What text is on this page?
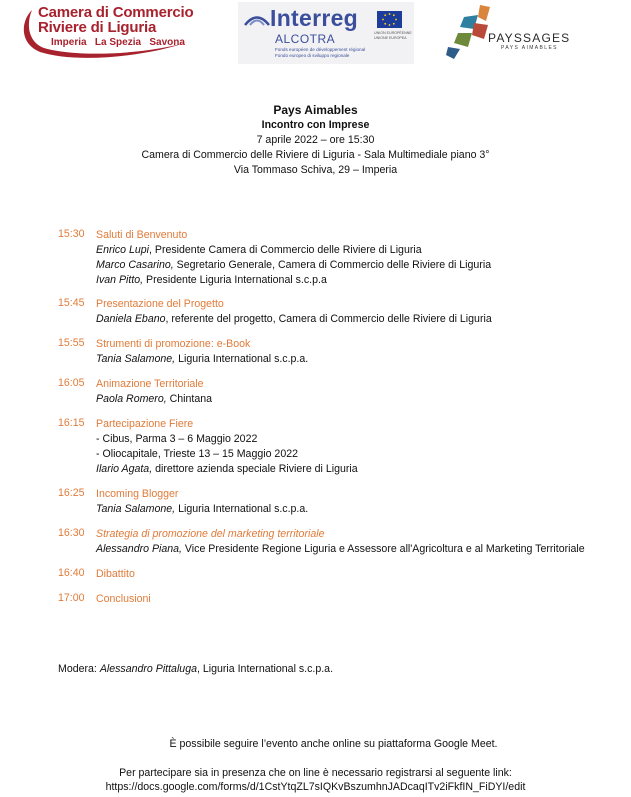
Camera di Commercio
Riviere di Liguria
Imperia   La Spezia   Savona
Interreg
ALCOTRA
Fonds européen de développement régional
Fondo europeo di sviluppo regionale
UNION EUROPÉENNE
UNIONE EUROPEA	PAYSSAGES
PAYS AIMABLES
Pays Aimables
Incontro con Imprese
7 aprile 2022 – ore 15:30
Camera di Commercio delle Riviere di Liguria - Sala Multimediale piano 3°
Via Tommaso Schiva, 29 – Imperia
15:30 Saluti di Benvenuto
Enrico Lupi, Presidente Camera di Commercio delle Riviere di Liguria
Marco Casarino, Segretario Generale, Camera di Commercio delle Riviere di Liguria
Ivan Pitto, Presidente Liguria International s.c.p.a
15:45 Presentazione del Progetto
Daniela Ebano, referente del progetto, Camera di Commercio delle Riviere di Liguria
15:55 Strumenti di promozione: e-Book
Tania Salamone, Liguria International s.c.p.a.
16:05 Animazione Territoriale
Paola Romero, Chintana
16:15 Partecipazione Fiere
- Cibus, Parma 3 – 6 Maggio 2022
- Oliocapitale, Trieste 13 – 15 Maggio 2022
Ilario Agata, direttore azienda speciale Riviere di Liguria
16:25 Incoming Blogger
Tania Salamone, Liguria International s.c.p.a.
16:30 Strategia di promozione del marketing territoriale
Alessandro Piana, Vice Presidente Regione Liguria e Assessore all'Agricoltura e al Marketing Territoriale
16:40 Dibattito
17:00 Conclusioni
Modera: Alessandro Pittaluga, Liguria International s.c.p.a.
È possibile seguire l’evento anche online su piattaforma Google Meet.
Per partecipare sia in presenza che on line è necessario registrarsi al seguente link:
https://docs.google.com/forms/d/1CstYtqZL7sIQKvBszumhnJADcaqITv2iFkfIN_FiDYI/edit
